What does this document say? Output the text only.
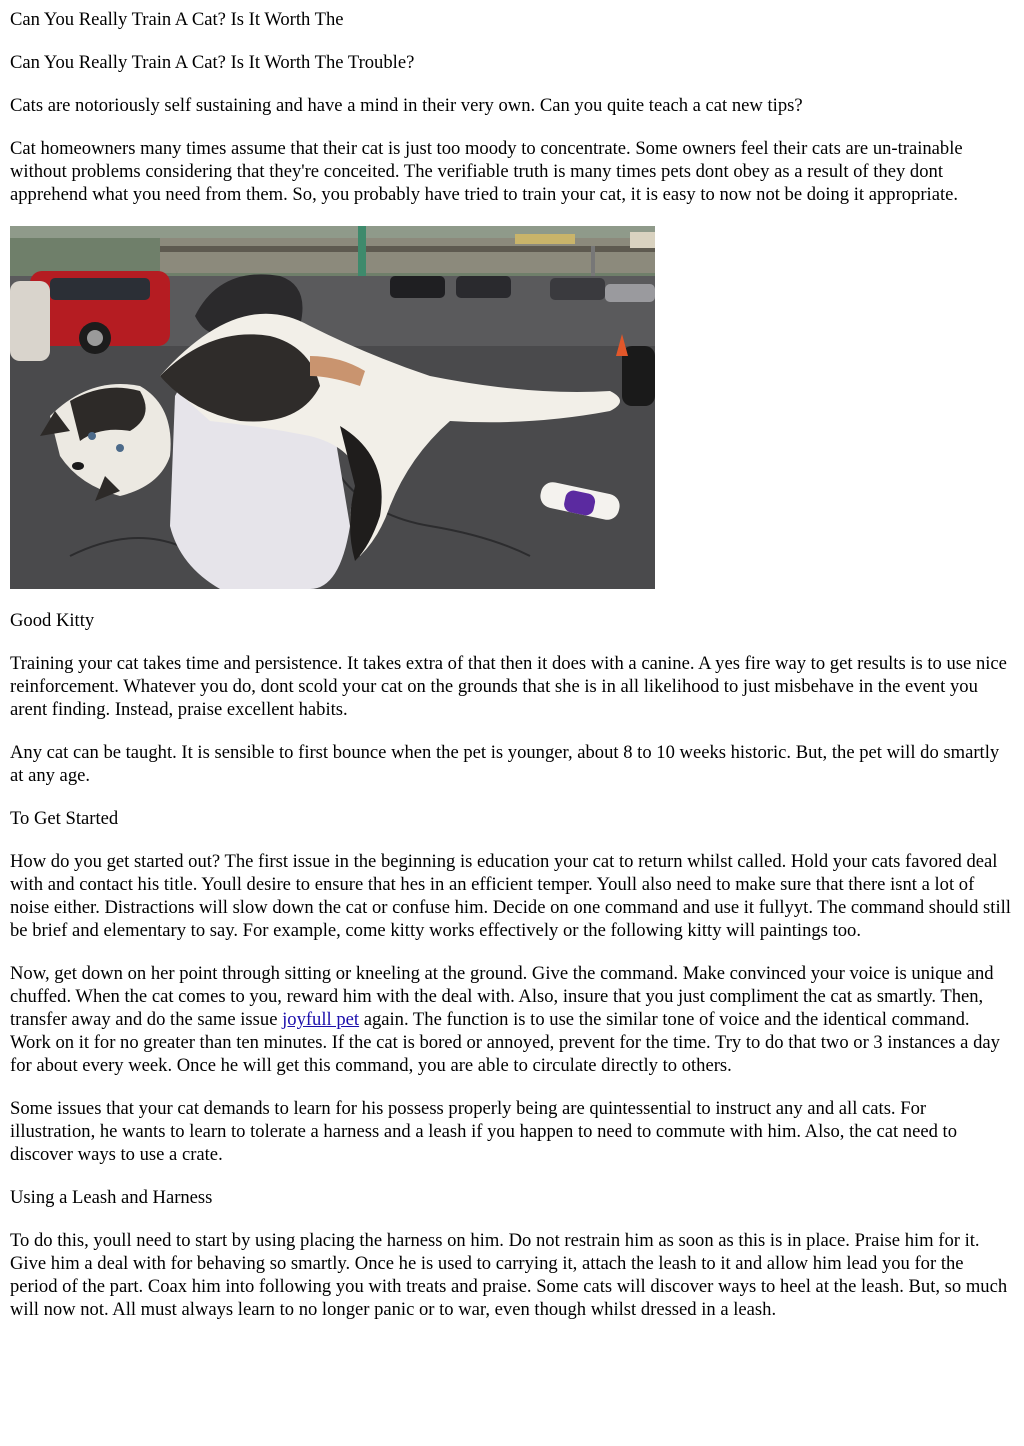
Can You Really Train A Cat? Is It Worth The

Can You Really Train A Cat? Is It Worth The Trouble?

Cats are notoriously self sustaining and have a mind in their very own. Can you quite teach a cat new tips?

Cat homeowners many times assume that their cat is just too moody to concentrate. Some owners feel their cats are un-trainable without problems considering that they're conceited. The verifiable truth is many times pets dont obey as a result of they dont apprehend what you need from them. So, you probably have tried to train your cat, it is easy to now not be doing it appropriate.

Good Kitty

Training your cat takes time and persistence. It takes extra of that then it does with a canine. A yes fire way to get results is to use nice reinforcement. Whatever you do, dont scold your cat on the grounds that she is in all likelihood to just misbehave in the event you arent finding. Instead, praise excellent habits.

Any cat can be taught. It is sensible to first bounce when the pet is younger, about 8 to 10 weeks historic. But, the pet will do smartly at any age.

To Get Started

How do you get started out? The first issue in the beginning is education your cat to return whilst called. Hold your cats favored deal with and contact his title. Youll desire to ensure that hes in an efficient temper. Youll also need to make sure that there isnt a lot of noise either. Distractions will slow down the cat or confuse him. Decide on one command and use it fullyyt. The command should still be brief and elementary to say. For example, come kitty works effectively or the following kitty will paintings too.

Now, get down on her point through sitting or kneeling at the ground. Give the command. Make convinced your voice is unique and chuffed. When the cat comes to you, reward him with the deal with. Also, insure that you just compliment the cat as smartly. Then, transfer away and do the same issue joyfull pet again. The function is to use the similar tone of voice and the identical command. Work on it for no greater than ten minutes. If the cat is bored or annoyed, prevent for the time. Try to do that two or 3 instances a day for about every week. Once he will get this command, you are able to circulate directly to others.

Some issues that your cat demands to learn for his possess properly being are quintessential to instruct any and all cats. For illustration, he wants to learn to tolerate a harness and a leash if you happen to need to commute with him. Also, the cat need to discover ways to use a crate.

Using a Leash and Harness

To do this, youll need to start by using placing the harness on him. Do not restrain him as soon as this is in place. Praise him for it. Give him a deal with for behaving so smartly. Once he is used to carrying it, attach the leash to it and allow him lead you for the period of the part. Coax him into following you with treats and praise. Some cats will discover ways to heel at the leash. But, so much will now not. All must always learn to no longer panic or to war, even though whilst dressed in a leash.
